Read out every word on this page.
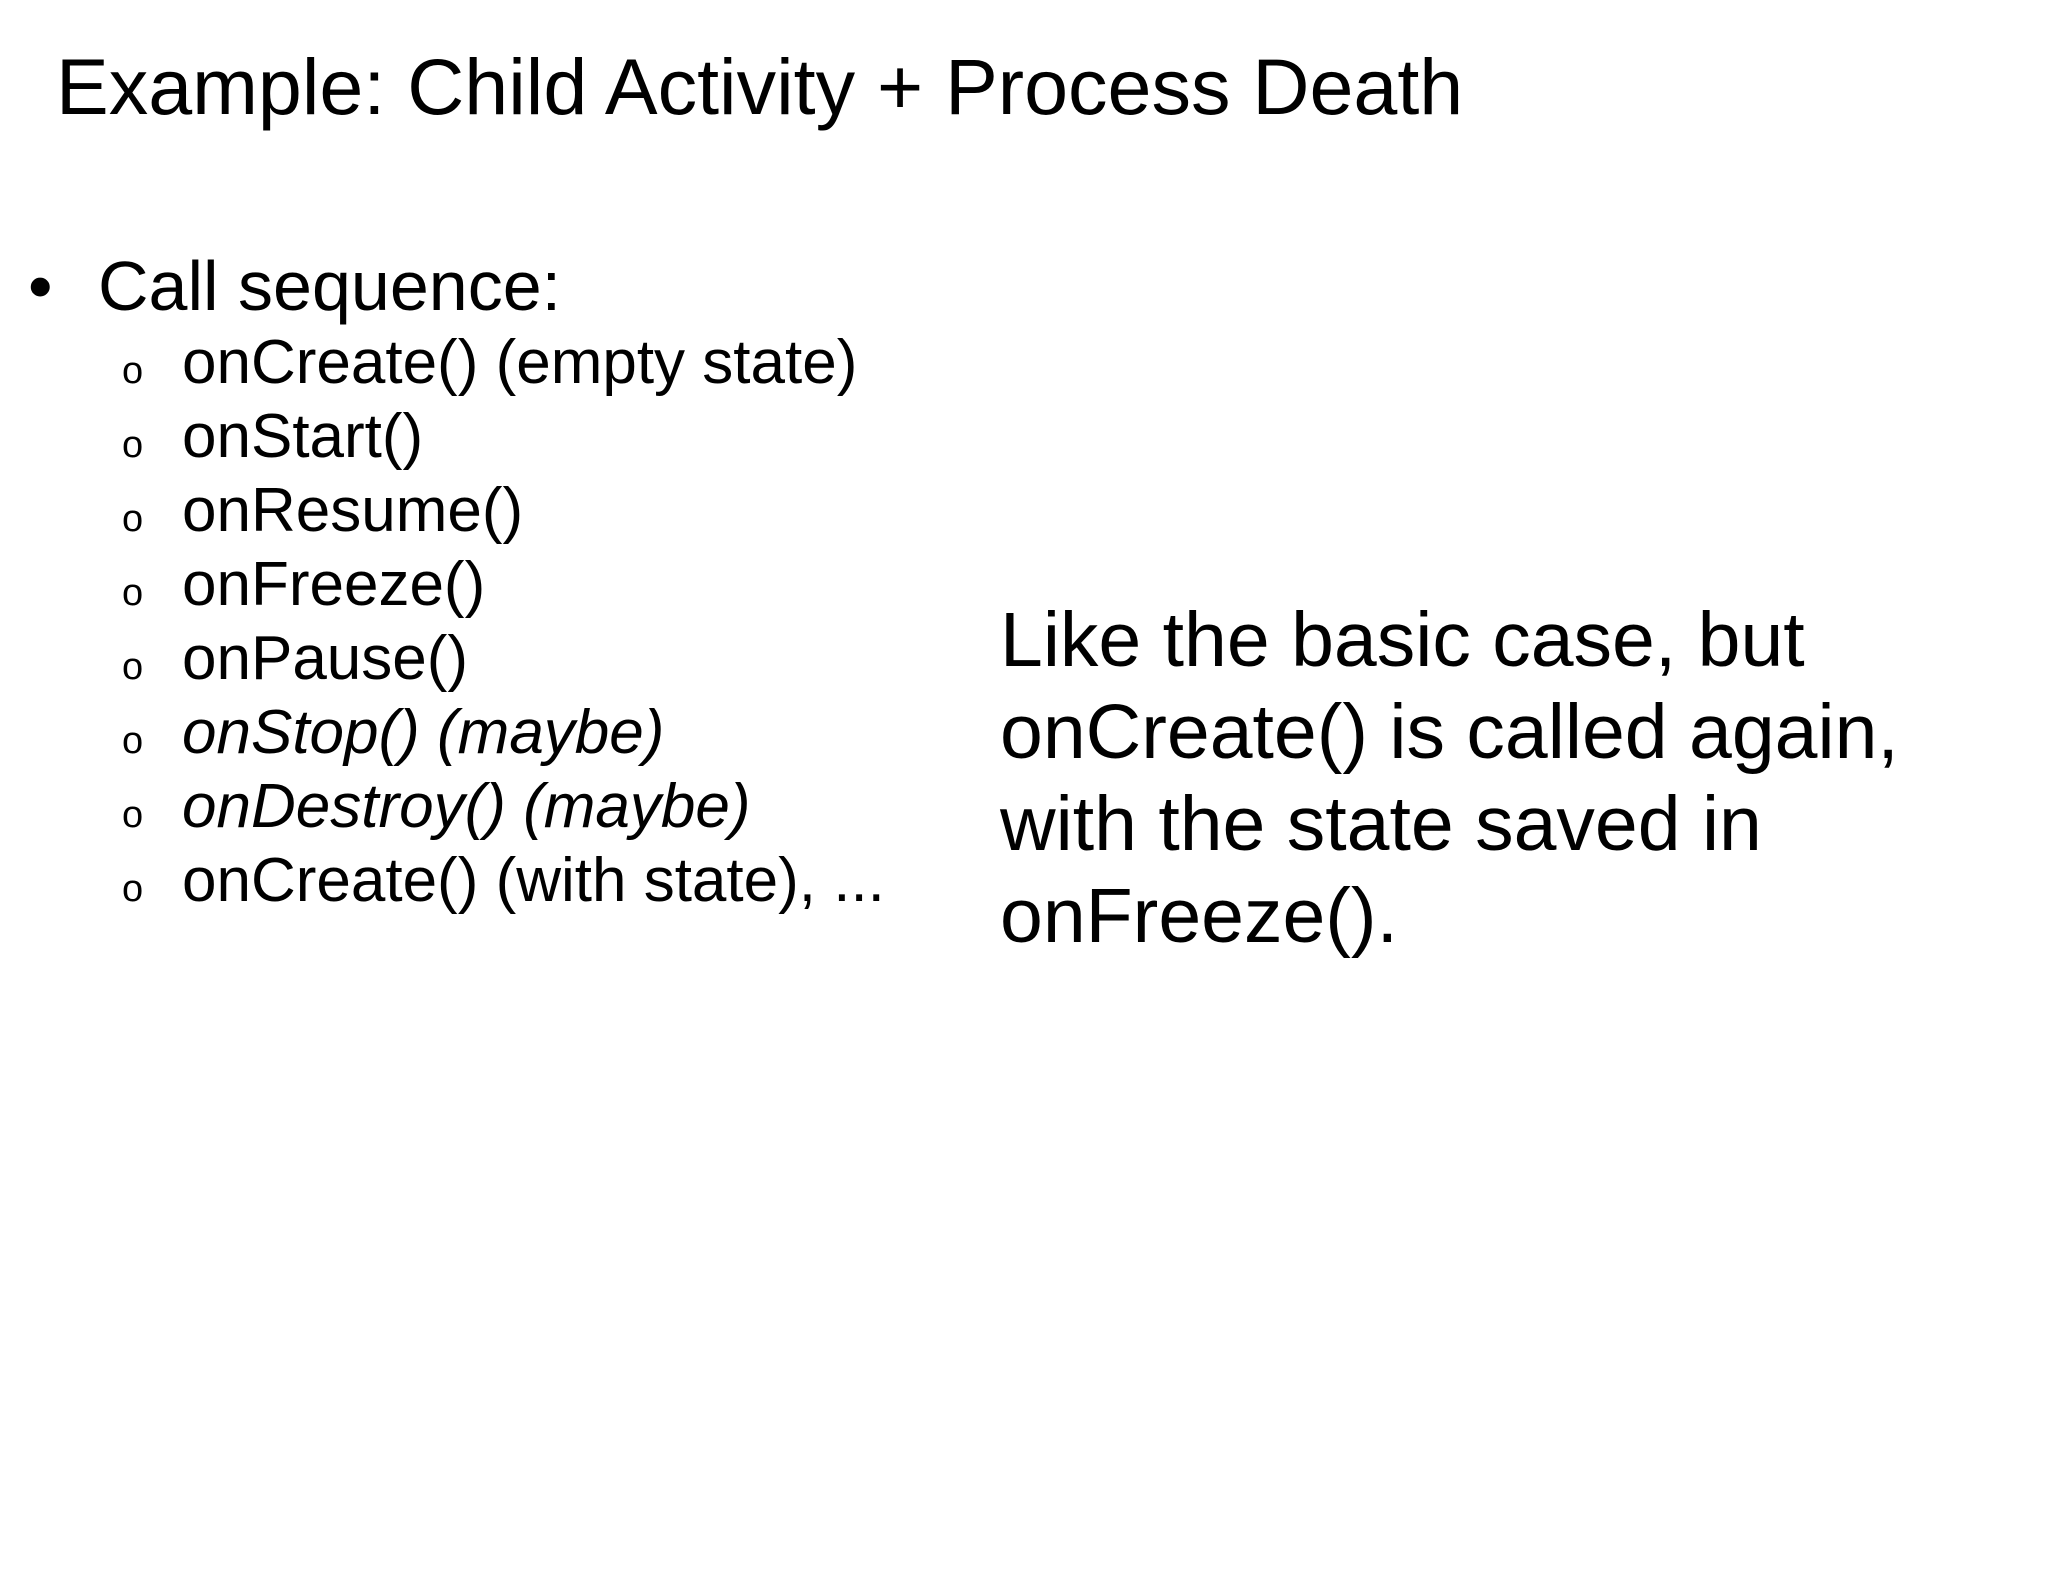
Example: Child Activity + Process Death
• Call sequence:
o onCreate() (empty state)
o onStart()
o onResume()
o onFreeze()
o onPause()
o onStop() (maybe)
o onDestroy() (maybe)
o onCreate() (with state), ...
Like the basic case, but
onCreate() is called again,
with the state saved in
onFreeze().
